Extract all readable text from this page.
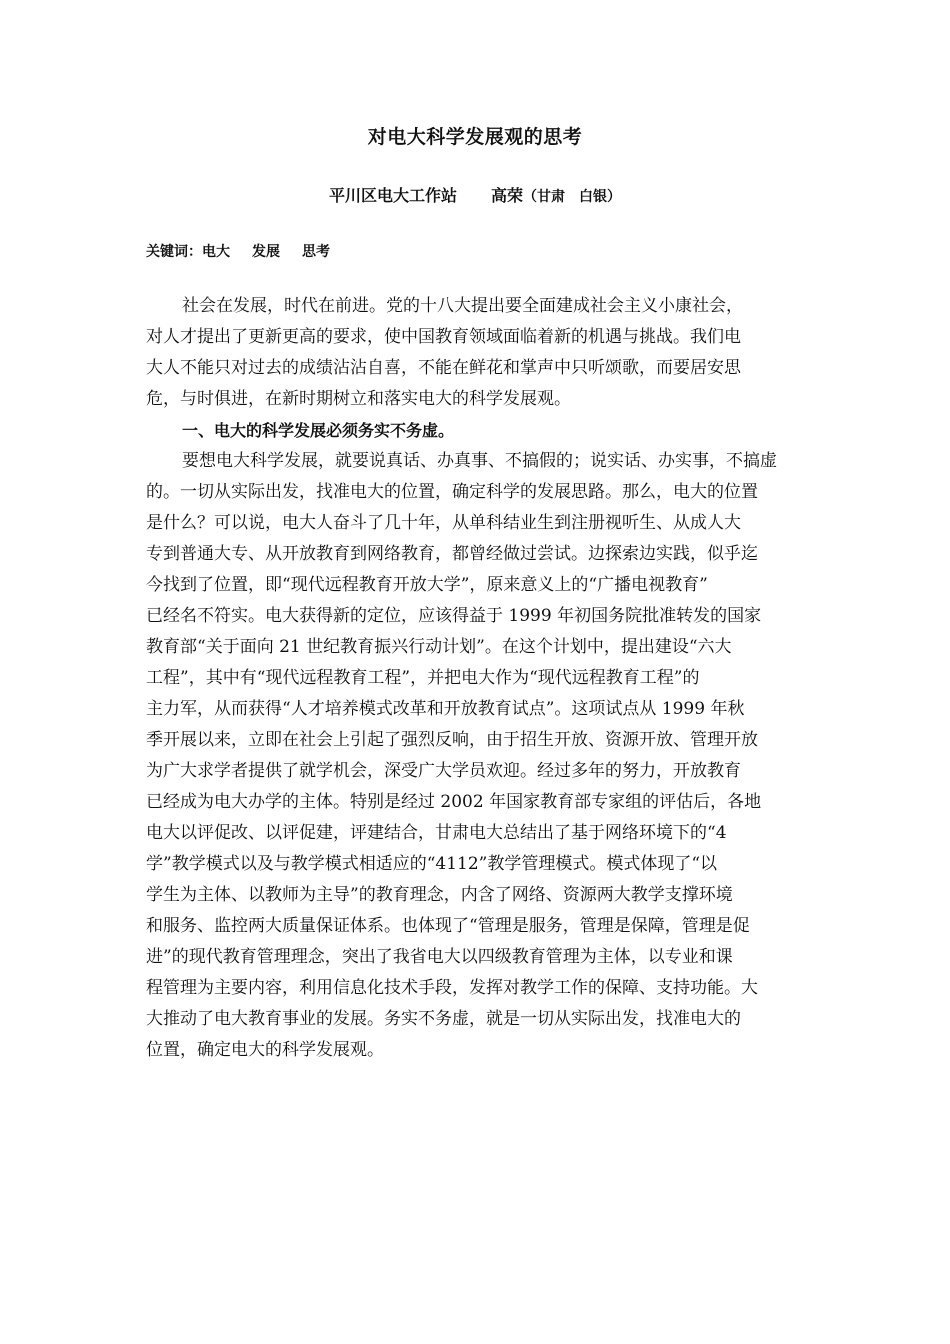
对电大科学发展观的思考
平川区电大工作站 高荣（甘肃　白银）
关键词：电大 发展 思考
社会在发展，时代在前进。党的十八大提出要全面建成社会主义小康社会，
对人才提出了更新更高的要求，使中国教育领域面临着新的机遇与挑战。我们电
大人不能只对过去的成绩沾沾自喜，不能在鲜花和掌声中只听颂歌，而要居安思
危，与时俱进，在新时期树立和落实电大的科学发展观。
一、电大的科学发展必须务实不务虚。
要想电大科学发展，就要说真话、办真事、不搞假的；说实话、办实事，不搞虚
的。一切从实际出发，找准电大的位置，确定科学的发展思路。那么，电大的位置
是什么？可以说，电大人奋斗了几十年，从单科结业生到注册视听生、从成人大
专到普通大专、从开放教育到网络教育，都曾经做过尝试。边探索边实践，似乎迄
今找到了位置，即“现代远程教育开放大学”，原来意义上的“广播电视教育”
已经名不符实。电大获得新的定位，应该得益于 1999 年初国务院批准转发的国家
教育部“关于面向 21 世纪教育振兴行动计划”。在这个计划中，提出建设“六大
工程”，其中有“现代远程教育工程”，并把电大作为“现代远程教育工程”的
主力军，从而获得“人才培养模式改革和开放教育试点”。这项试点从 1999 年秋
季开展以来，立即在社会上引起了强烈反响，由于招生开放、资源开放、管理开放
为广大求学者提供了就学机会，深受广大学员欢迎。经过多年的努力，开放教育
已经成为电大办学的主体。特别是经过 2002 年国家教育部专家组的评估后，各地
电大以评促改、以评促建，评建结合，甘肃电大总结出了基于网络环境下的“4
学”教学模式以及与教学模式相适应的“4112”教学管理模式。模式体现了“以
学生为主体、以教师为主导”的教育理念，内含了网络、资源两大教学支撑环境
和服务、监控两大质量保证体系。也体现了“管理是服务，管理是保障，管理是促
进”的现代教育管理理念，突出了我省电大以四级教育管理为主体，以专业和课
程管理为主要内容，利用信息化技术手段，发挥对教学工作的保障、支持功能。大
大推动了电大教育事业的发展。务实不务虚，就是一切从实际出发，找准电大的
位置，确定电大的科学发展观。
